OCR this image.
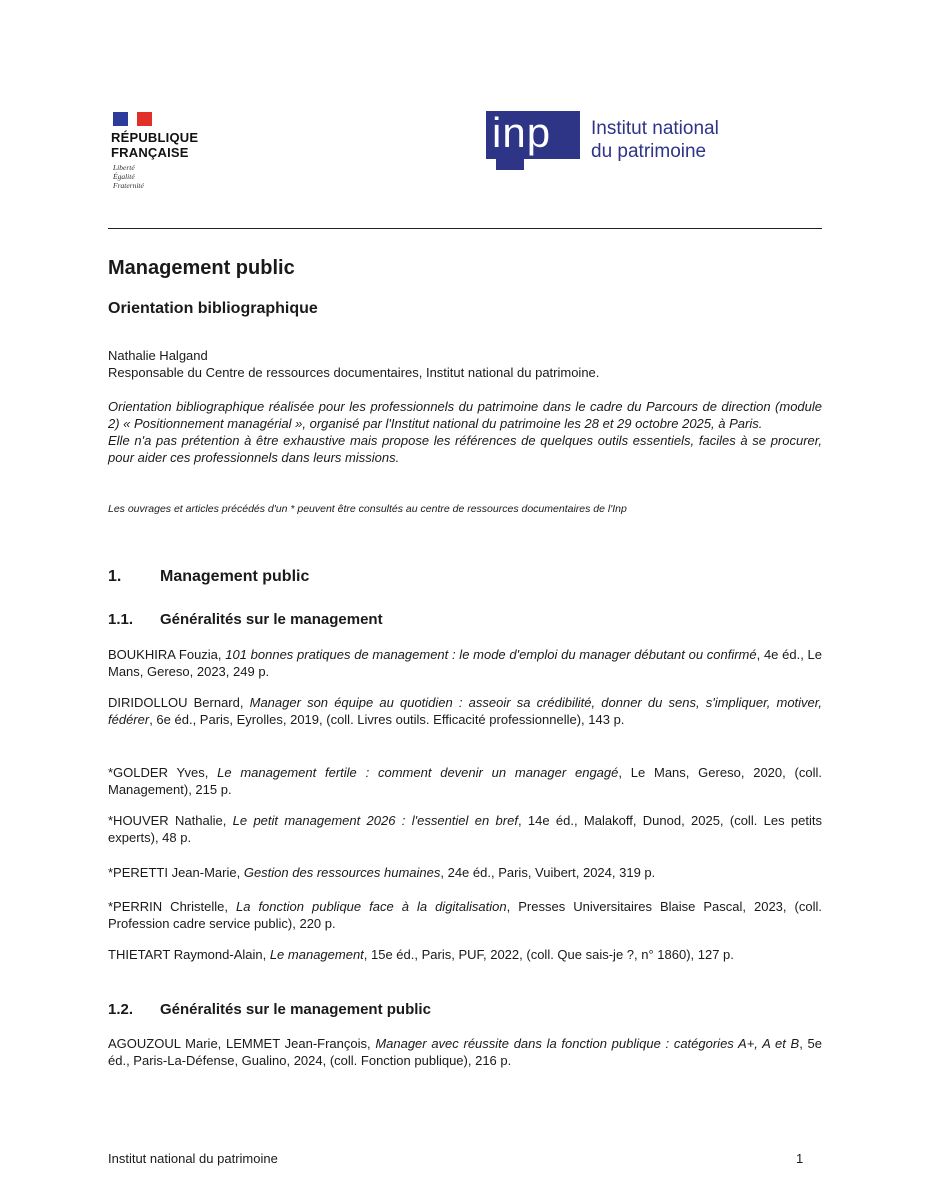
RÉPUBLIQUE
FRANÇAISE
Liberté
Égalité
Fraternité
inp Institut national
du patrimoine
Management public
Orientation bibliographique
Nathalie Halgand
Responsable du Centre de ressources documentaires, Institut national du patrimoine.
Orientation bibliographique réalisée pour les professionnels du patrimoine dans le cadre du Parcours de direction (module 2) « Positionnement managérial », organisé par l'Institut national du patrimoine les 28 et 29 octobre 2025, à Paris.
Elle n'a pas prétention à être exhaustive mais propose les références de quelques outils essentiels, faciles à se procurer, pour aider ces professionnels dans leurs missions.
Les ouvrages et articles précédés d'un * peuvent être consultés au centre de ressources documentaires de l'Inp
1. Management public
1.1. Généralités sur le management
BOUKHIRA Fouzia, 101 bonnes pratiques de management : le mode d'emploi du manager débutant ou confirmé, 4e éd., Le Mans, Gereso, 2023, 249 p.
DIRIDOLLOU Bernard, Manager son équipe au quotidien : asseoir sa crédibilité, donner du sens, s'impliquer, motiver, fédérer, 6e éd., Paris, Eyrolles, 2019, (coll. Livres outils. Efficacité professionnelle), 143 p.
*GOLDER Yves, Le management fertile : comment devenir un manager engagé, Le Mans, Gereso, 2020, (coll. Management), 215 p.
*HOUVER Nathalie, Le petit management 2026 : l'essentiel en bref, 14e éd., Malakoff, Dunod, 2025, (coll. Les petits experts), 48 p.
*PERETTI Jean-Marie, Gestion des ressources humaines, 24e éd., Paris, Vuibert, 2024, 319 p.
*PERRIN Christelle, La fonction publique face à la digitalisation, Presses Universitaires Blaise Pascal, 2023, (coll. Profession cadre service public), 220 p.
THIETART Raymond-Alain, Le management, 15e éd., Paris, PUF, 2022, (coll. Que sais-je ?, n° 1860), 127 p.
1.2. Généralités sur le management public
AGOUZOUL Marie, LEMMET Jean-François, Manager avec réussite dans la fonction publique : catégories A+, A et B, 5e éd., Paris-La-Défense, Gualino, 2024, (coll. Fonction publique), 216 p.
Institut national du patrimoine	1
